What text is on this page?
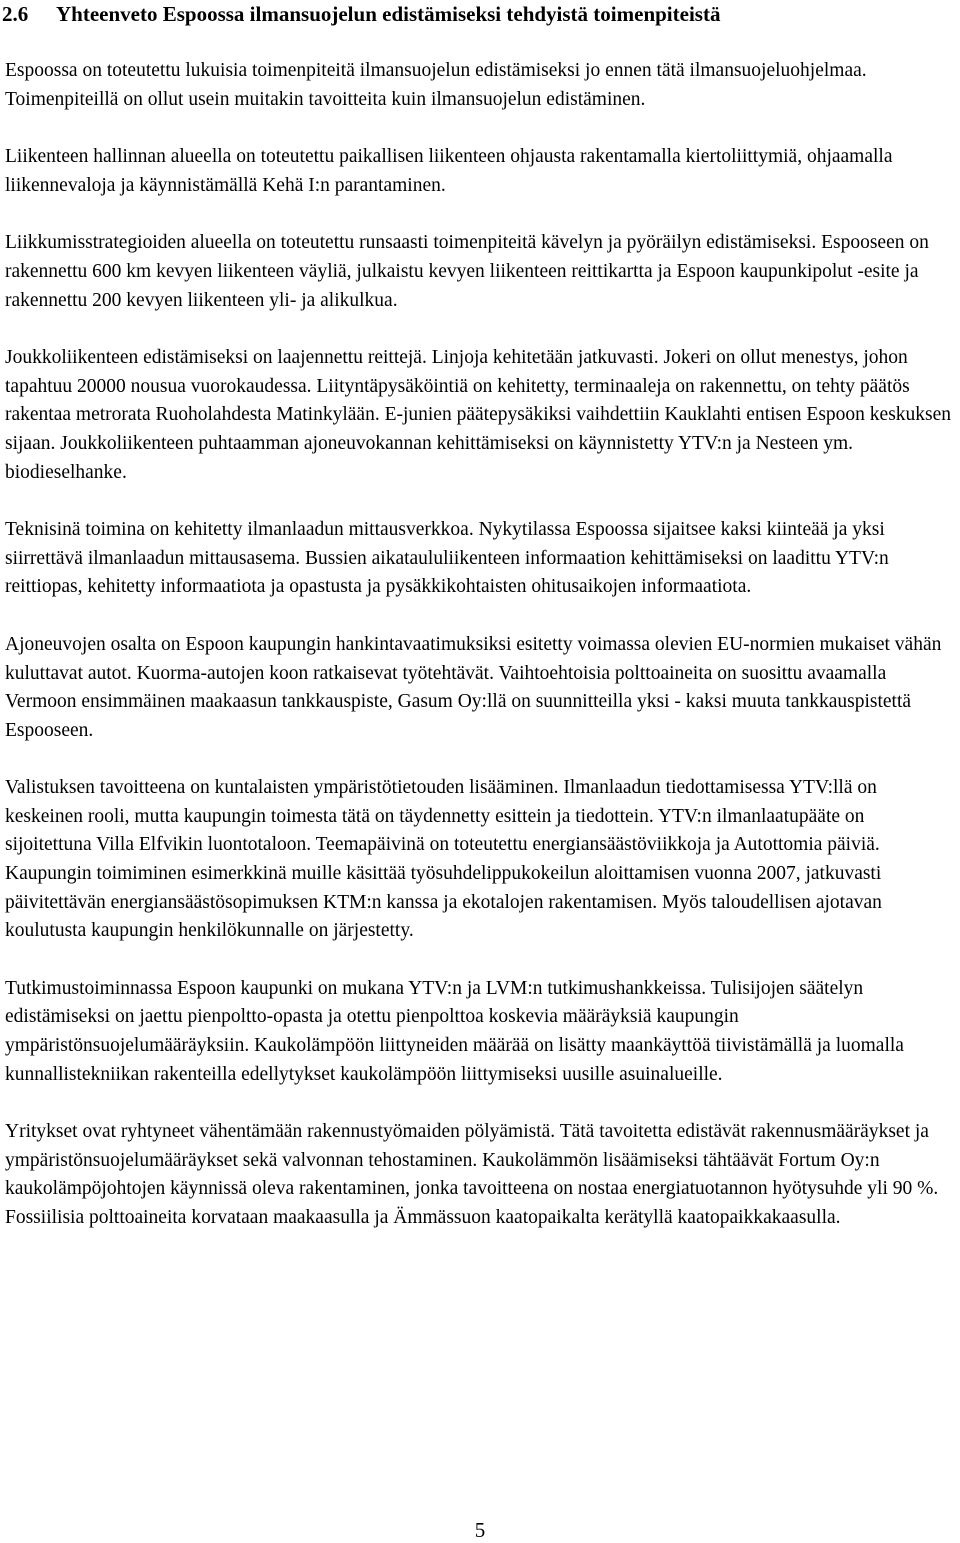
2.6 Yhteenveto Espoossa ilmansuojelun edistämiseksi tehdyistä toimenpiteistä

Espoossa on toteutettu lukuisia toimenpiteitä ilmansuojelun edistämiseksi jo ennen tätä ilmansuojeluohjelmaa. Toimenpiteillä on ollut usein muitakin tavoitteita kuin ilmansuojelun edistäminen.

Liikenteen hallinnan alueella on toteutettu paikallisen liikenteen ohjausta rakentamalla kiertoliittymiä, ohjaamalla liikennevaloja ja käynnistämällä Kehä I:n parantaminen.

Liikkumisstrategioiden alueella on toteutettu runsaasti toimenpiteitä kävelyn ja pyöräilyn edistämiseksi. Espooseen on rakennettu 600 km kevyen liikenteen väyliä, julkaistu kevyen liikenteen reittikartta ja Espoon kaupunkipolut -esite ja rakennettu 200 kevyen liikenteen yli- ja alikulkua.

Joukkoliikenteen edistämiseksi on laajennettu reittejä. Linjoja kehitetään jatkuvasti. Jokeri on ollut menestys, johon tapahtuu 20000 nousua vuorokaudessa. Liityntäpysäköintiä on kehitetty, terminaaleja on rakennettu, on tehty päätös rakentaa metrorata Ruoholahdesta Matinkylään. E-junien päätepysäkiksi vaihdettiin Kauklahti entisen Espoon keskuksen sijaan. Joukkoliikenteen puhtaamman ajoneuvokannan kehittämiseksi on käynnistetty YTV:n ja Nesteen ym. biodieselhanke.

Teknisinä toimina on kehitetty ilmanlaadun mittausverkkoa. Nykytilassa Espoossa sijaitsee kaksi kiinteää ja yksi siirrettävä ilmanlaadun mittausasema. Bussien aikataululiikenteen informaation kehittämiseksi on laadittu YTV:n reittiopas, kehitetty informaatiota ja opastusta ja pysäkkikohtaisten ohitusaikojen informaatiota.

Ajoneuvojen osalta on Espoon kaupungin hankintavaatimuksiksi esitetty voimassa olevien EU-normien mukaiset vähän kuluttavat autot. Kuorma-autojen koon ratkaisevat työtehtävät. Vaihtoehtoisia polttoaineita on suosittu avaamalla Vermoon ensimmäinen maakaasun tankkauspiste, Gasum Oy:llä on suunnitteilla yksi - kaksi muuta tankkauspistettä Espooseen.

Valistuksen tavoitteena on kuntalaisten ympäristötietouden lisääminen. Ilmanlaadun tiedottamisessa YTV:llä on keskeinen rooli, mutta kaupungin toimesta tätä on täydennetty esittein ja tiedottein. YTV:n ilmanlaatupääte on sijoitettuna Villa Elfvikin luontotaloon. Teemapäivinä on toteutettu energiansäästöviikkoja ja Autottomia päiviä. Kaupungin toimiminen esimerkkinä muille käsittää työsuhdelippukokeilun aloittamisen vuonna 2007, jatkuvasti päivitettävän energiansäästösopimuksen KTM:n kanssa ja ekotalojen rakentamisen. Myös taloudellisen ajotavan koulutusta kaupungin henkilökunnalle on järjestetty.

Tutkimustoiminnassa Espoon kaupunki on mukana YTV:n ja LVM:n tutkimushankkeissa. Tulisijojen säätelyn edistämiseksi on jaettu pienpoltto-opasta ja otettu pienpolttoa koskevia määräyksiä kaupungin ympäristönsuojelumääräyksiin. Kaukolämpöön liittyneiden määrää on lisätty maankäyttöä tiivistämällä ja luomalla kunnallistekniikan rakenteilla edellytykset kaukolämpöön liittymiseksi uusille asuinalueille.

Yritykset ovat ryhtyneet vähentämään rakennustyömaiden pölyämistä. Tätä tavoitetta edistävät rakennusmääräykset ja ympäristönsuojelumääräykset sekä valvonnan tehostaminen. Kaukolämmön lisäämiseksi tähtäävät Fortum Oy:n kaukolämpöjohtojen käynnissä oleva rakentaminen, jonka tavoitteena on nostaa energiatuotannon hyötysuhde yli 90 %. Fossiilisia polttoaineita korvataan maakaasulla ja Ämmässuon kaatopaikalta kerätyllä kaatopaikkakaasulla.

5
